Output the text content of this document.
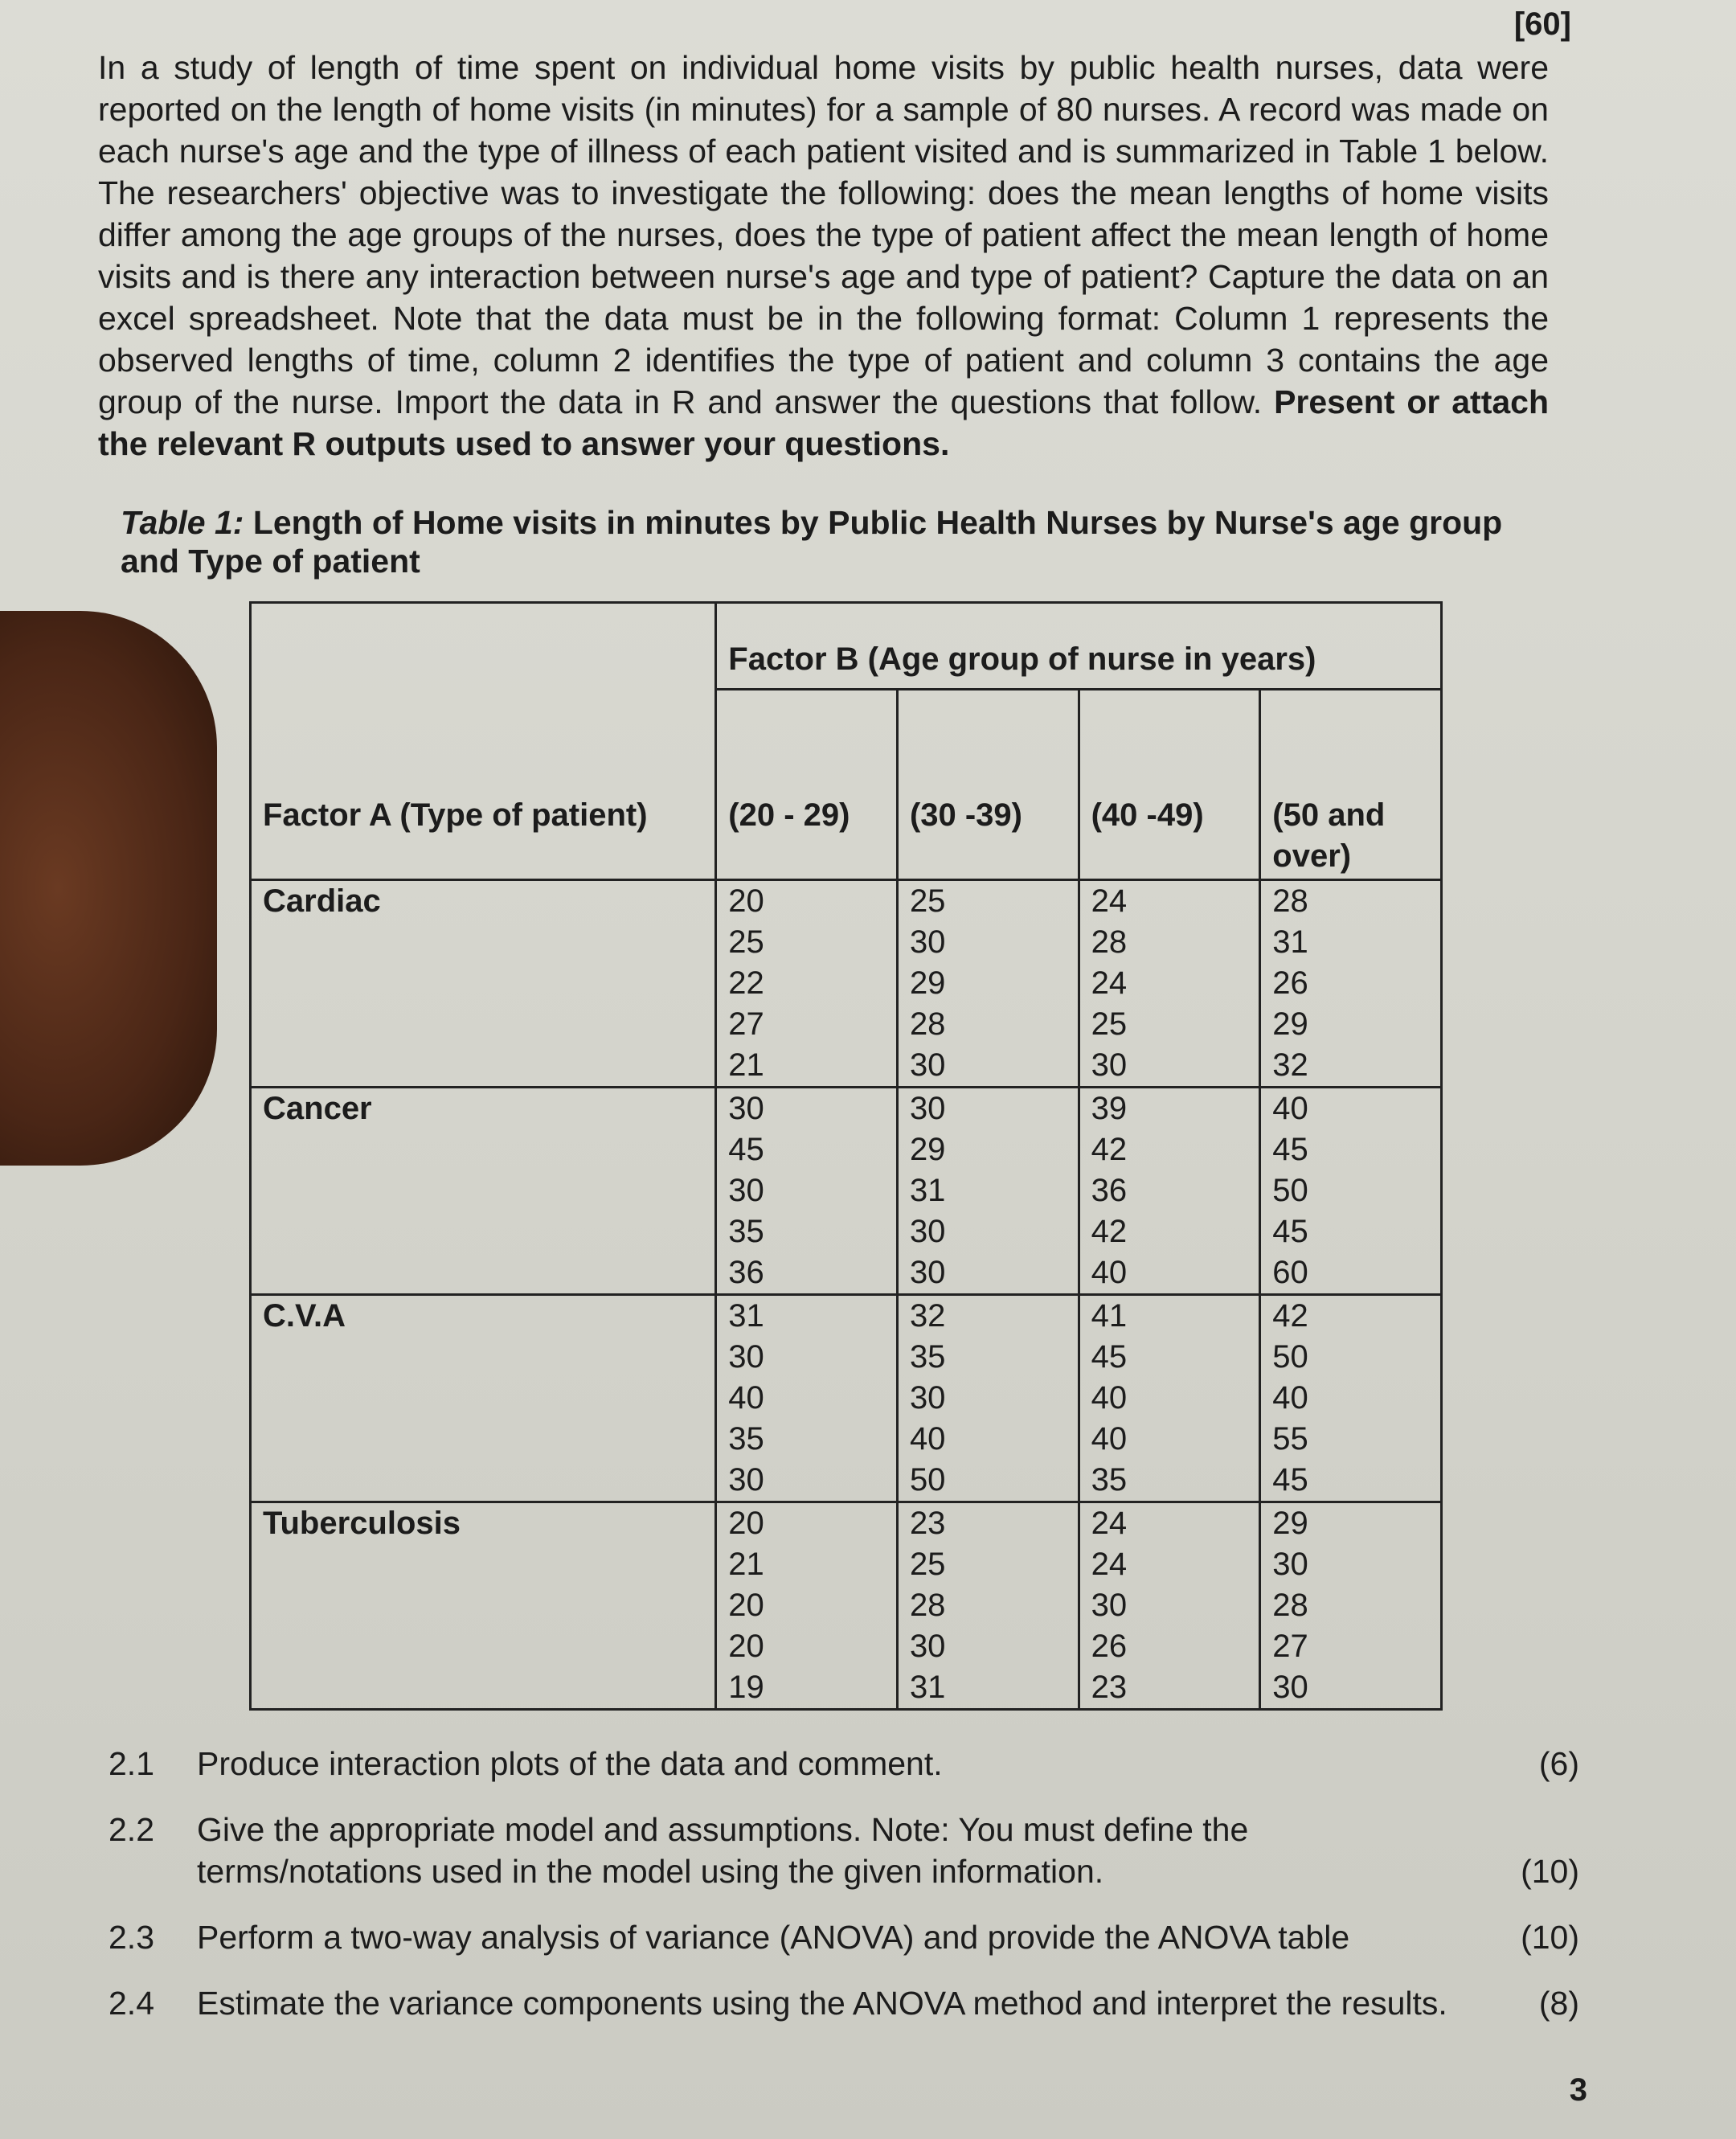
[60]

In a study of length of time spent on individual home visits by public health nurses, data were reported on the length of home visits (in minutes) for a sample of 80 nurses. A record was made on each nurse's age and the type of illness of each patient visited and is summarized in Table 1 below. The researchers' objective was to investigate the following: does the mean lengths of home visits differ among the age groups of the nurses, does the type of patient affect the mean length of home visits and is there any interaction between nurse's age and type of patient? Capture the data on an excel spreadsheet. Note that the data must be in the following format: Column 1 represents the observed lengths of time, column 2 identifies the type of patient and column 3 contains the age group of the nurse. Import the data in R and answer the questions that follow. Present or attach the relevant R outputs used to answer your questions.

Table 1: Length of Home visits in minutes by Public Health Nurses by Nurse's age group and Type of patient

	Factor B (Age group of nurse in years)			

Factor A (Type of patient)	(20 - 29)	(30 -39)	(40 -49)	(50 and over)
Cardiac	20	25	24	28
	25	30	28	31
	22	29	24	26
	27	28	25	29
	21	30	30	32
Cancer	30	30	39	40
	45	29	42	45
	30	31	36	50
	35	30	42	45
	36	30	40	60
C.V.A	31	32	41	42
	30	35	45	50
	40	30	40	40
	35	40	40	55
	30	50	35	45
Tuberculosis	20	23	24	29
	21	25	24	30
	20	28	30	28
	20	30	26	27
	19	31	23	30
2.1	Produce interaction plots of the data and comment.	(6)
2.2	Give the appropriate model and assumptions. Note: You must define the terms/notations used in the model using the given information.	(10)
2.3	Perform a two-way analysis of variance (ANOVA) and provide the ANOVA table	(10)
2.4	Estimate the variance components using the ANOVA method and interpret the results.	(8)
3
